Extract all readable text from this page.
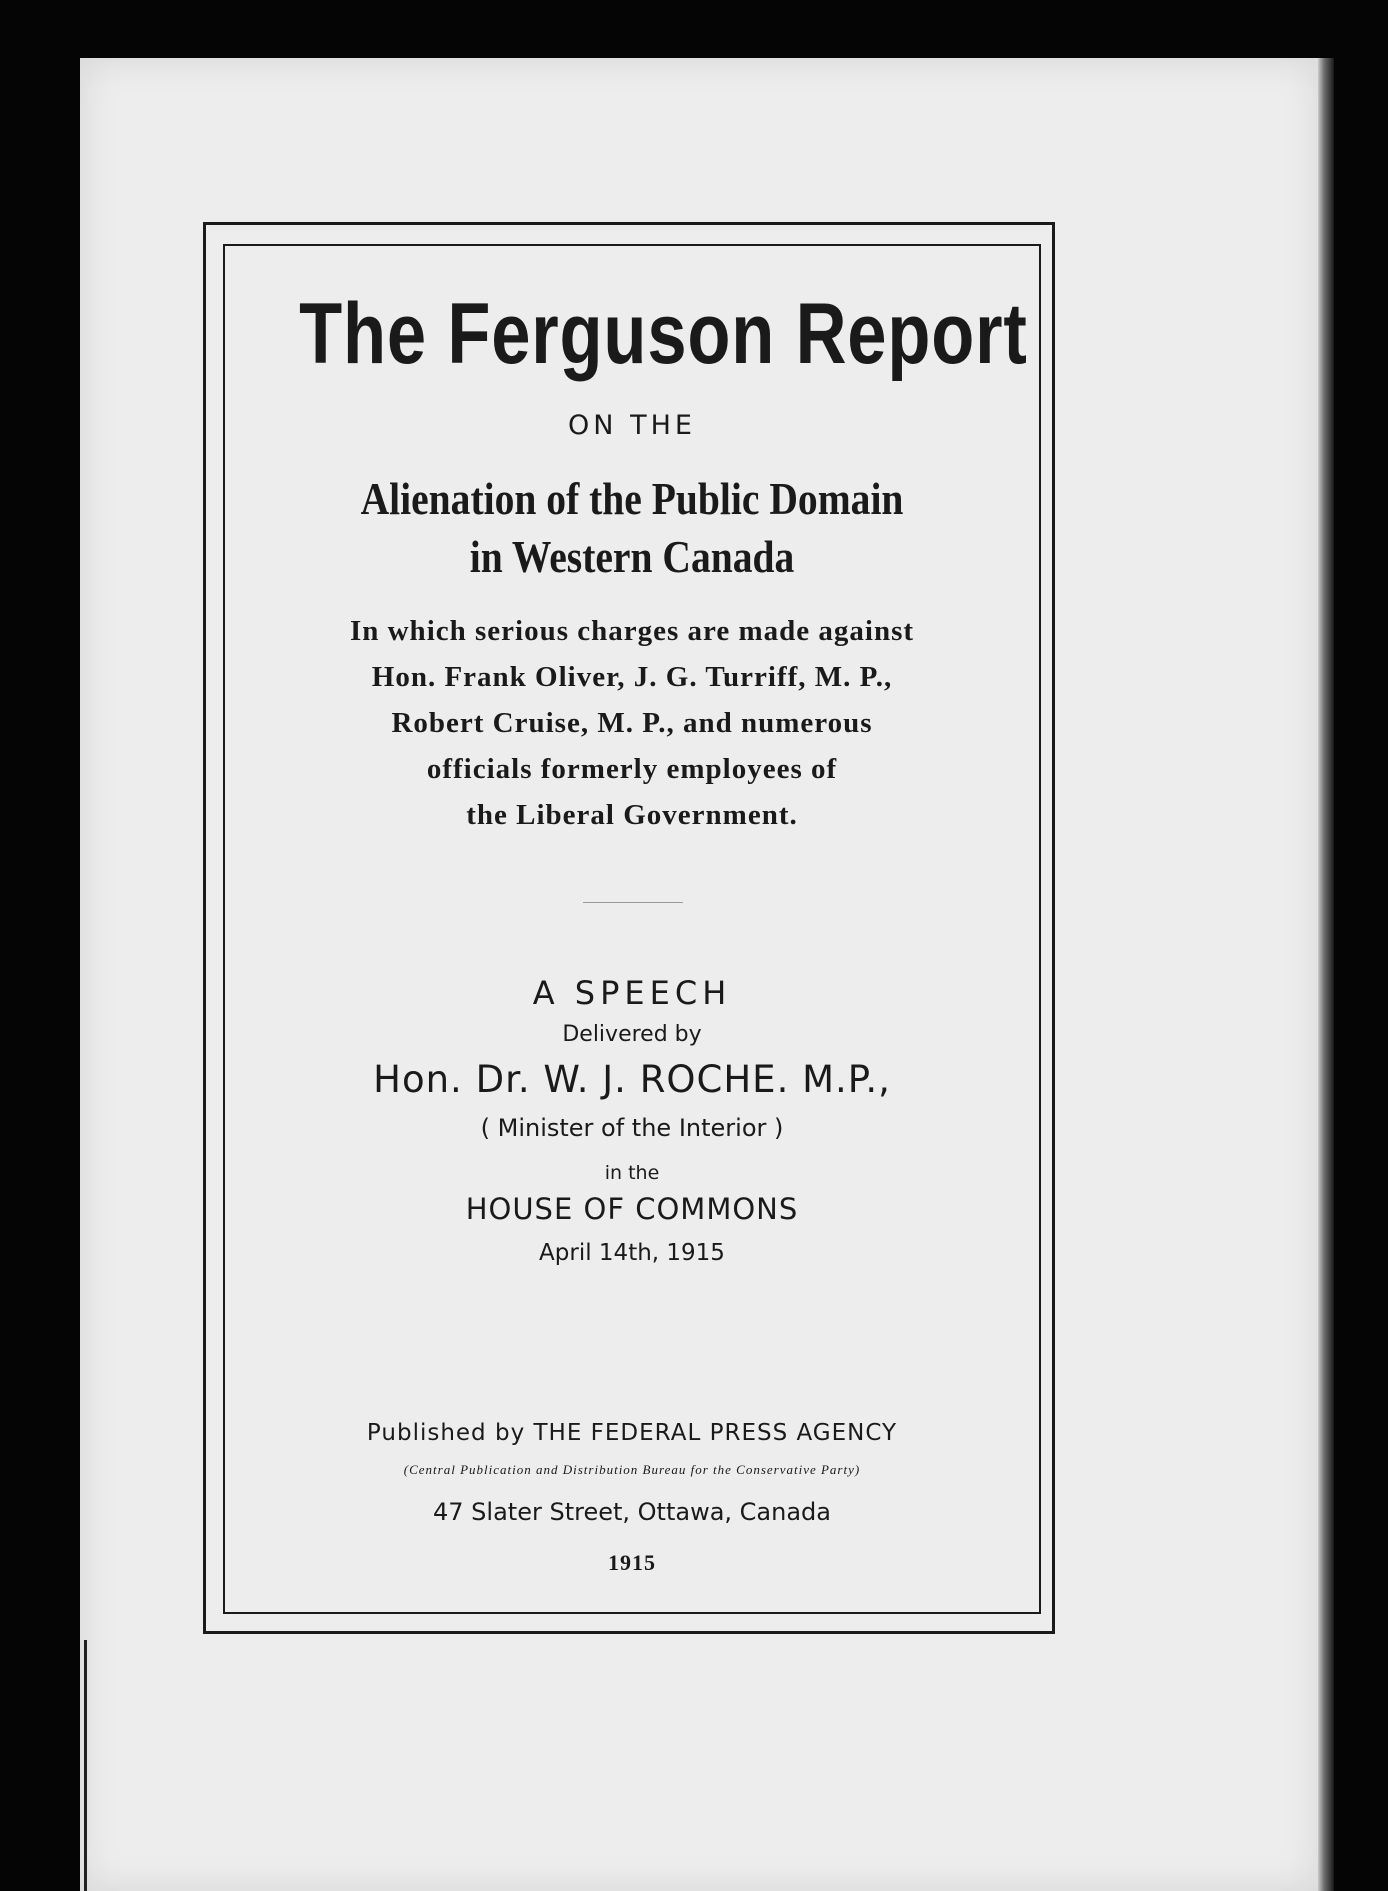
The Ferguson Report
ON THE
Alienation of the Public Domain
in Western Canada
In which serious charges are made against
Hon. Frank Oliver, J. G. Turriff, M. P.,
Robert Cruise, M. P., and numerous
officials formerly employees of
the Liberal Government.
A SPEECH
Delivered by
Hon. Dr. W. J. ROCHE. M.P.,
( Minister of the Interior )
in the
HOUSE OF COMMONS
April 14th, 1915
Published by THE FEDERAL PRESS AGENCY
(Central Publication and Distribution Bureau for the Conservative Party)
47 Slater Street, Ottawa, Canada
1915
